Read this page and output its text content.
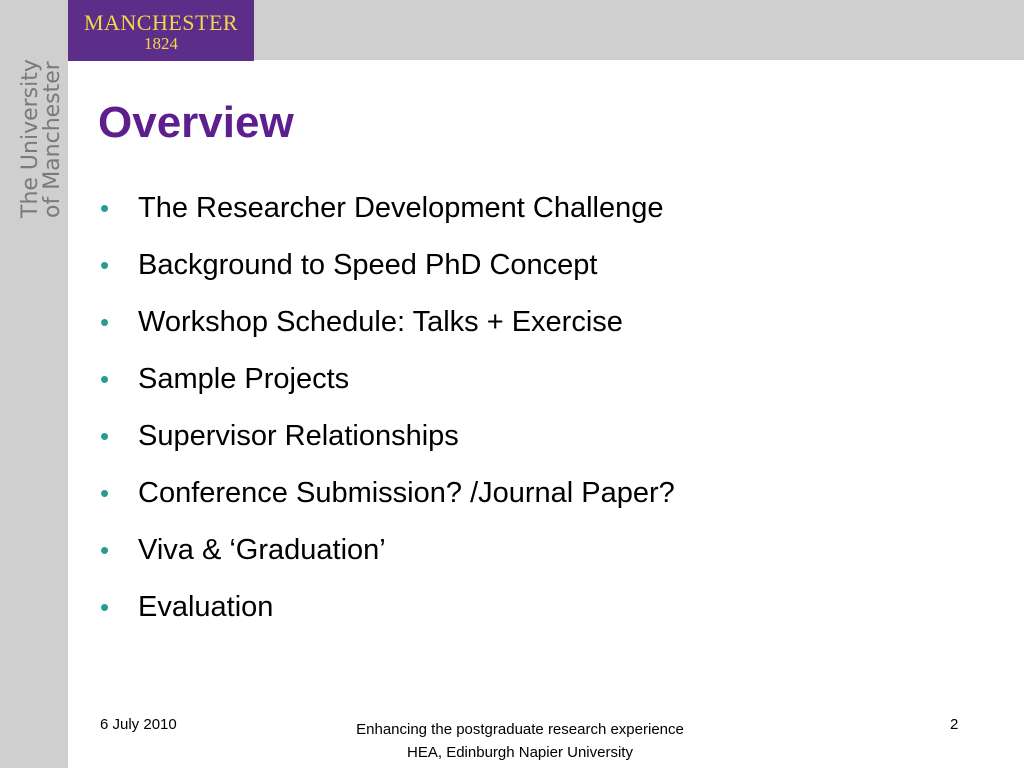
MANCHESTER
1824
The University
of Manchester Overview
• The Researcher Development Challenge
• Background to Speed PhD Concept
• Workshop Schedule: Talks + Exercise
• Sample Projects
• Supervisor Relationships
• Conference Submission? /Journal Paper?
• Viva & ‘Graduation’
• Evaluation
6 July 2010	Enhancing the postgraduate research experience
HEA, Edinburgh Napier University
2
